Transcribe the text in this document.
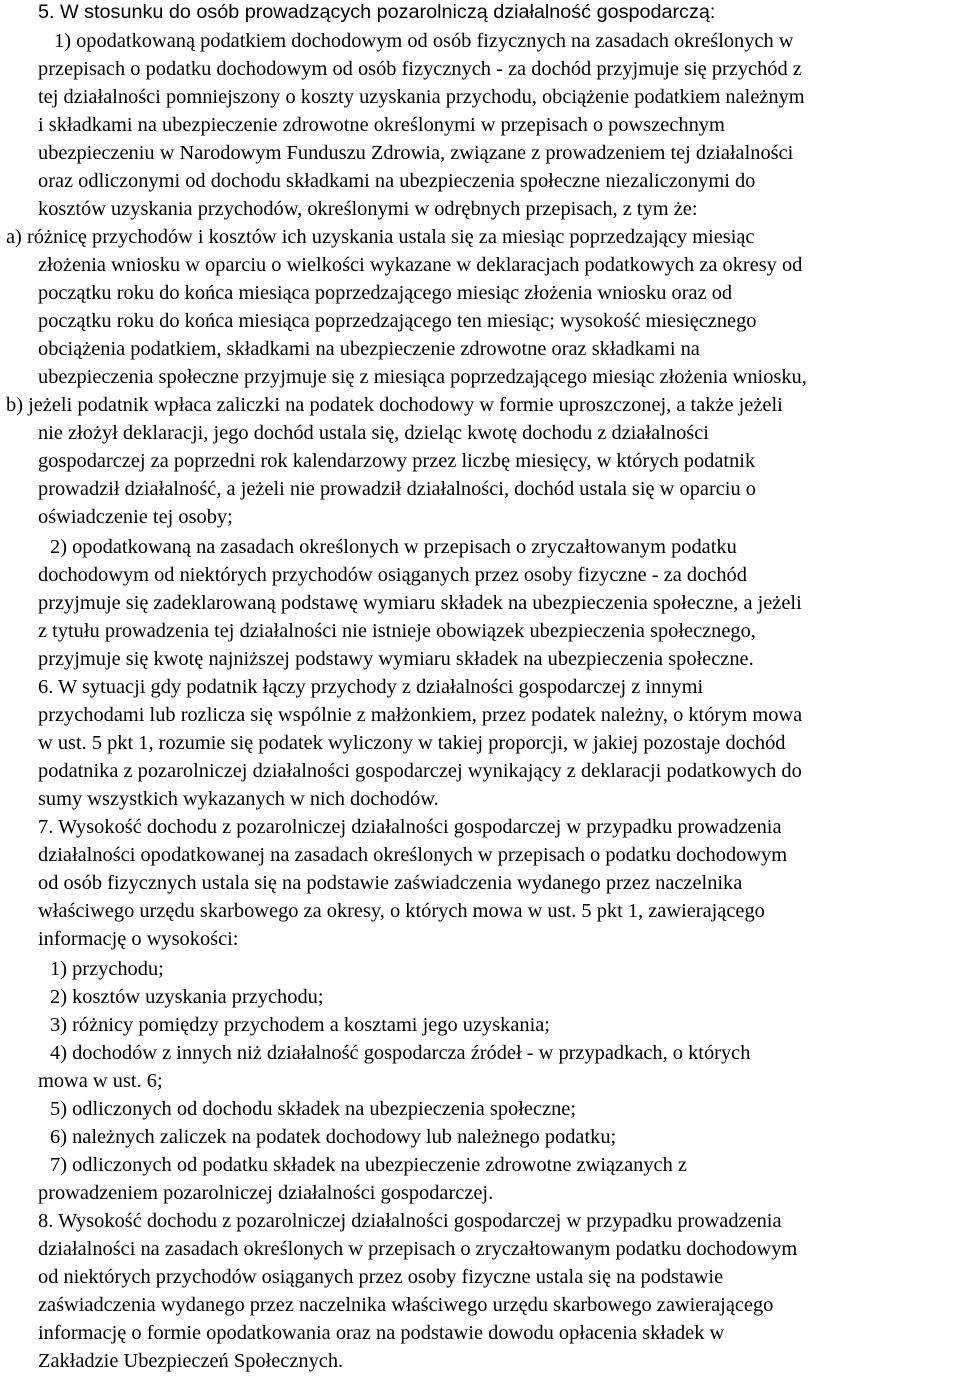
5. W stosunku do osób prowadzących pozarolniczą działalność gospodarczą:

1) opodatkowaną podatkiem dochodowym od osób fizycznych na zasadach określonych w

przepisach o podatku dochodowym od osób fizycznych - za dochód przyjmuje się przychód z

tej działalności pomniejszony o koszty uzyskania przychodu, obciążenie podatkiem należnym

i składkami na ubezpieczenie zdrowotne określonymi w przepisach o powszechnym

ubezpieczeniu w Narodowym Funduszu Zdrowia, związane z prowadzeniem tej działalności

oraz odliczonymi od dochodu składkami na ubezpieczenia społeczne niezaliczonymi do

kosztów uzyskania przychodów, określonymi w odrębnych przepisach, z tym że:

a) różnicę przychodów i kosztów ich uzyskania ustala się za miesiąc poprzedzający miesiąc

złożenia wniosku w oparciu o wielkości wykazane w deklaracjach podatkowych za okresy od

początku roku do końca miesiąca poprzedzającego miesiąc złożenia wniosku oraz od

początku roku do końca miesiąca poprzedzającego ten miesiąc; wysokość miesięcznego

obciążenia podatkiem, składkami na ubezpieczenie zdrowotne oraz składkami na

ubezpieczenia społeczne przyjmuje się z miesiąca poprzedzającego miesiąc złożenia wniosku,

b) jeżeli podatnik wpłaca zaliczki na podatek dochodowy w formie uproszczonej, a także jeżeli

nie złożył deklaracji, jego dochód ustala się, dzieląc kwotę dochodu z działalności

gospodarczej za poprzedni rok kalendarzowy przez liczbę miesięcy, w których podatnik

prowadził działalność, a jeżeli nie prowadził działalności, dochód ustala się w oparciu o

oświadczenie tej osoby;

2) opodatkowaną na zasadach określonych w przepisach o zryczałtowanym podatku

dochodowym od niektórych przychodów osiąganych przez osoby fizyczne - za dochód

przyjmuje się zadeklarowaną podstawę wymiaru składek na ubezpieczenia społeczne, a jeżeli

z tytułu prowadzenia tej działalności nie istnieje obowiązek ubezpieczenia społecznego,

przyjmuje się kwotę najniższej podstawy wymiaru składek na ubezpieczenia społeczne.

6. W sytuacji gdy podatnik łączy przychody z działalności gospodarczej z innymi

przychodami lub rozlicza się wspólnie z małżonkiem, przez podatek należny, o którym mowa

w ust. 5 pkt 1, rozumie się podatek wyliczony w takiej proporcji, w jakiej pozostaje dochód

podatnika z pozarolniczej działalności gospodarczej wynikający z deklaracji podatkowych do

sumy wszystkich wykazanych w nich dochodów.

7. Wysokość dochodu z pozarolniczej działalności gospodarczej w przypadku prowadzenia

działalności opodatkowanej na zasadach określonych w przepisach o podatku dochodowym

od osób fizycznych ustala się na podstawie zaświadczenia wydanego przez naczelnika

właściwego urzędu skarbowego za okresy, o których mowa w ust. 5 pkt 1, zawierającego

informację o wysokości:

1) przychodu;

2) kosztów uzyskania przychodu;

3) różnicy pomiędzy przychodem a kosztami jego uzyskania;

4) dochodów z innych niż działalność gospodarcza źródeł - w przypadkach, o których

mowa w ust. 6;

5) odliczonych od dochodu składek na ubezpieczenia społeczne;

6) należnych zaliczek na podatek dochodowy lub należnego podatku;

7) odliczonych od podatku składek na ubezpieczenie zdrowotne związanych z

prowadzeniem pozarolniczej działalności gospodarczej.

8. Wysokość dochodu z pozarolniczej działalności gospodarczej w przypadku prowadzenia

działalności na zasadach określonych w przepisach o zryczałtowanym podatku dochodowym

od niektórych przychodów osiąganych przez osoby fizyczne ustala się na podstawie

zaświadczenia wydanego przez naczelnika właściwego urzędu skarbowego zawierającego

informację o formie opodatkowania oraz na podstawie dowodu opłacenia składek w

Zakładzie Ubezpieczeń Społecznych.
